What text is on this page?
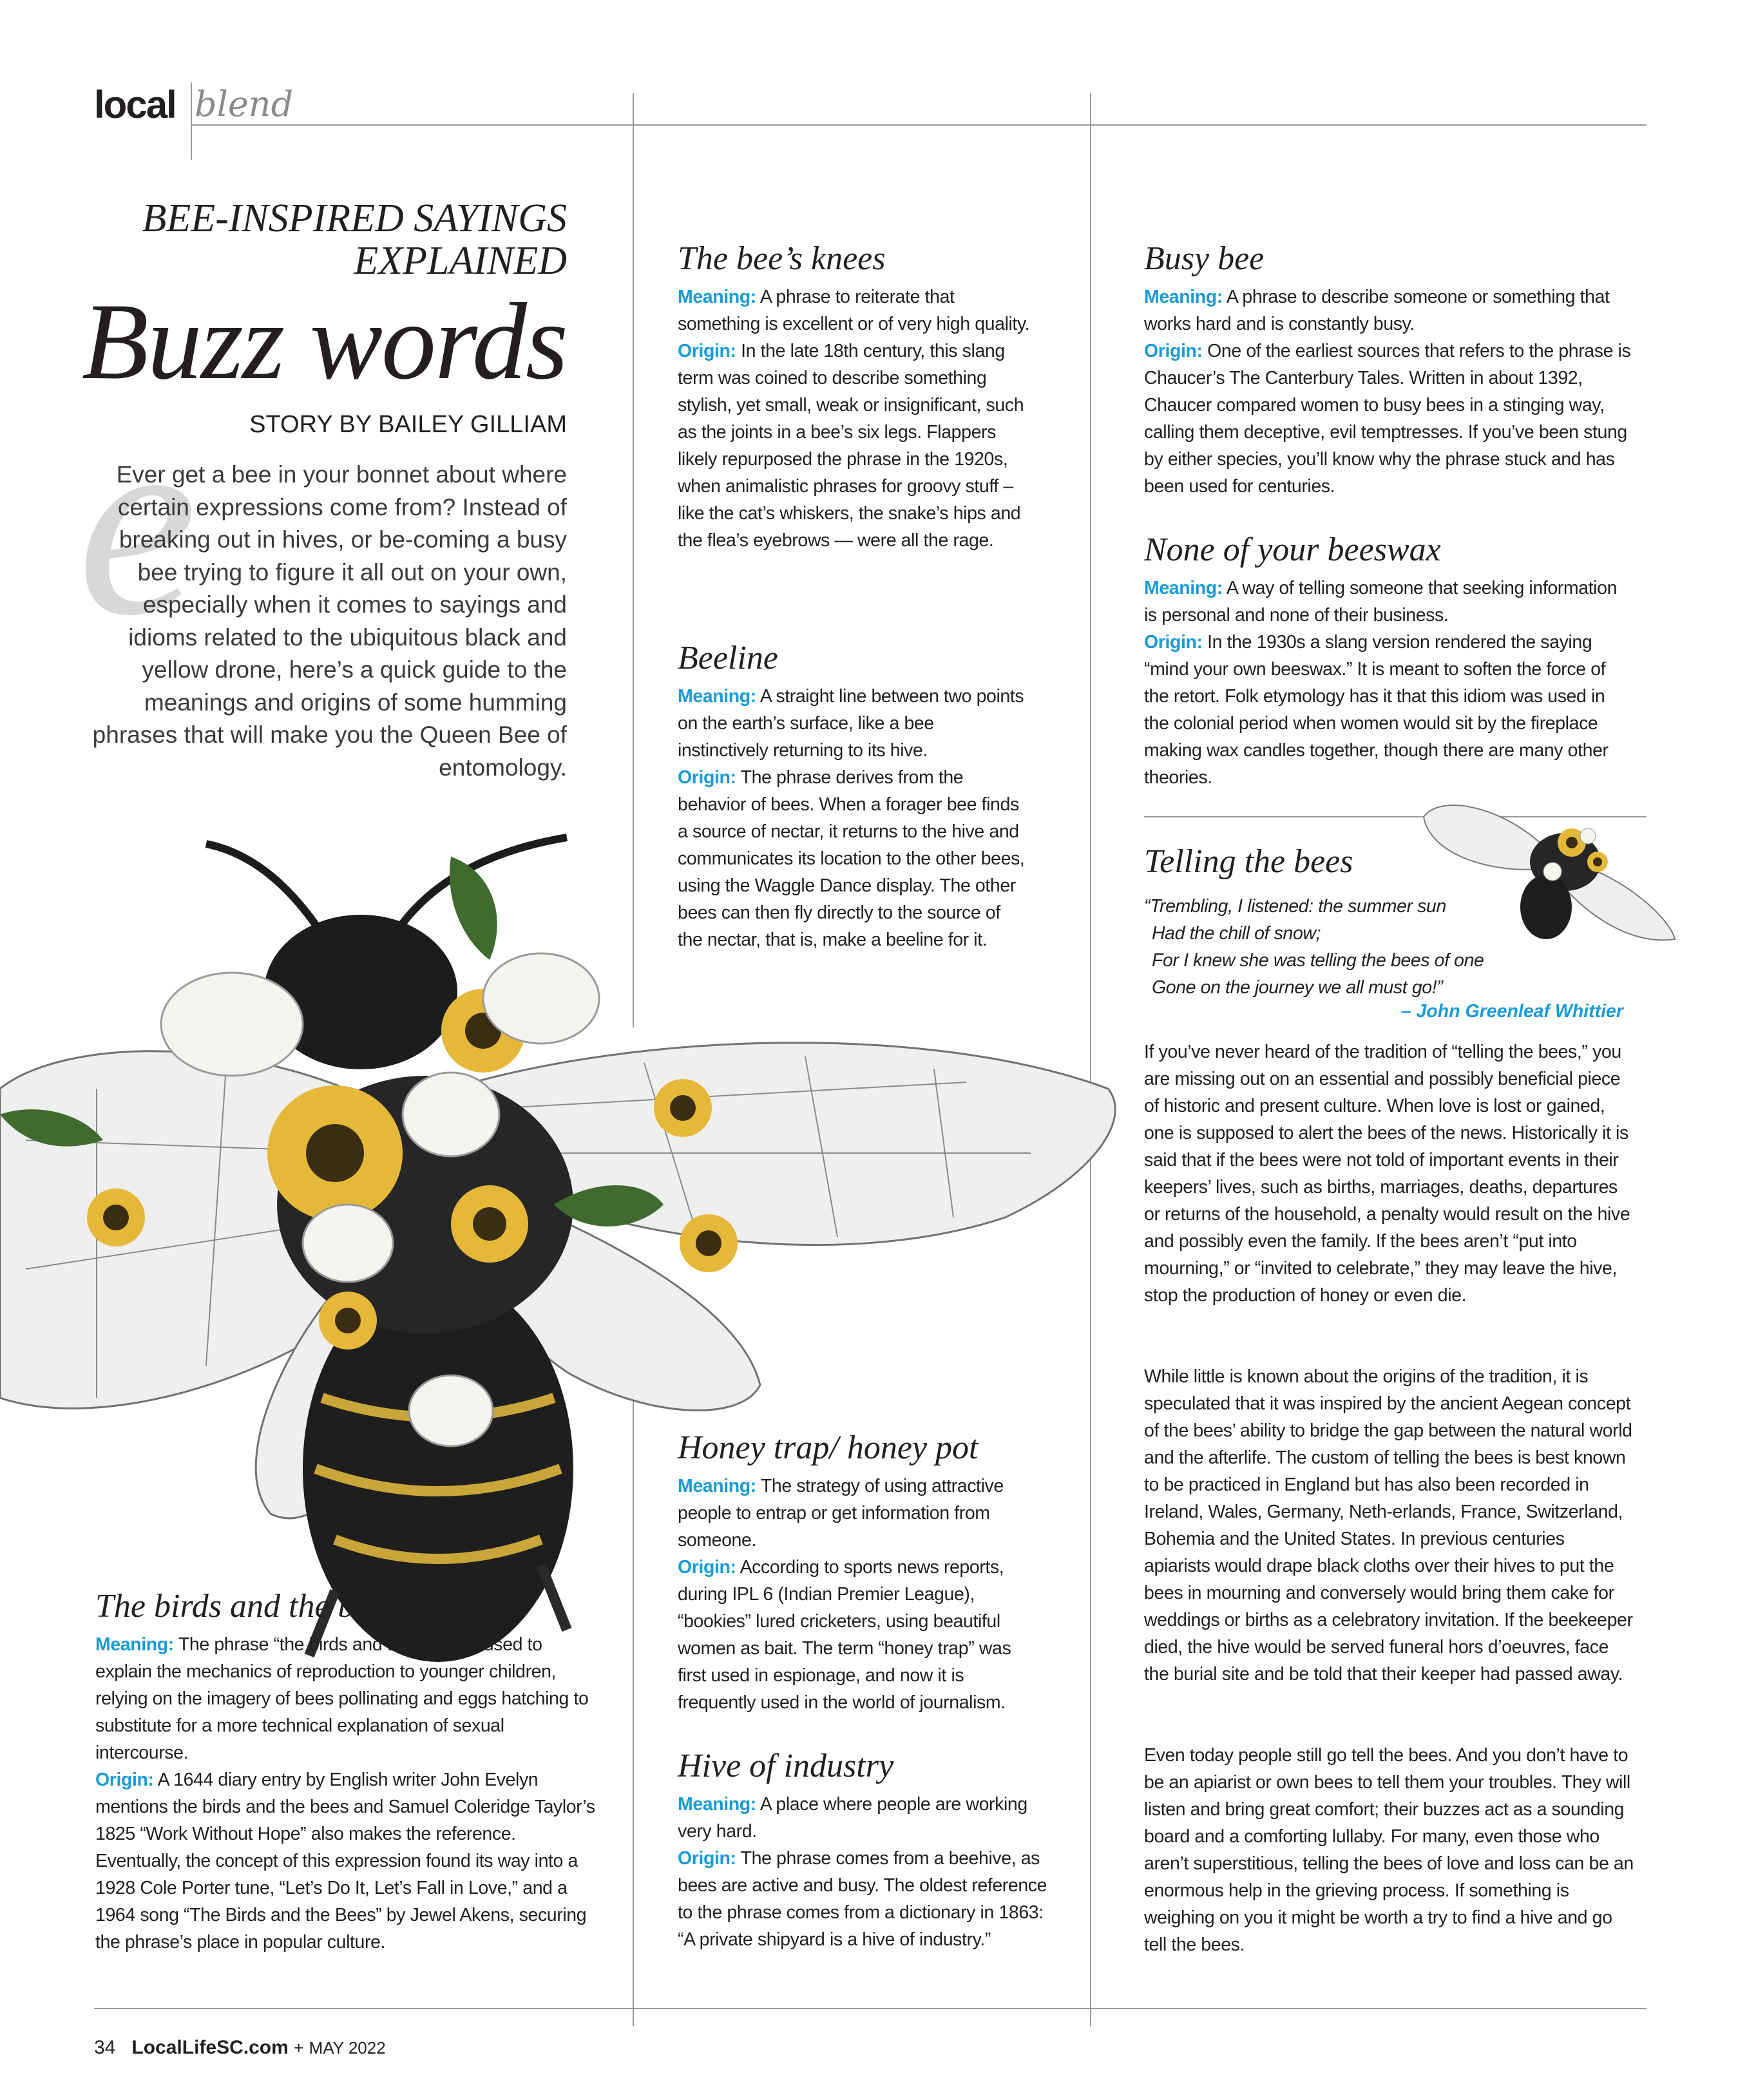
local blend
e
BEE-INSPIRED SAYINGS EXPLAINED
Buzz words
STORY BY BAILEY GILLIAM
Ever get a bee in your bonnet about where certain expressions come from? Instead of breaking out in hives, or be-coming a busy bee trying to figure it all out on your own, especially when it comes to sayings and idioms related to the ubiquitous black and yellow drone, here’s a quick guide to the meanings and origins of some humming phrases that will make you the Queen Bee of entomology.
The birds and the bees
Meaning: The phrase “the birds and the bees” is used to explain the mechanics of reproduction to younger children, relying on the imagery of bees pollinating and eggs hatching to substitute for a more technical explanation of sexual intercourse.
Origin: A 1644 diary entry by English writer John Evelyn mentions the birds and the bees and Samuel Coleridge Taylor’s 1825 “Work Without Hope” also makes the reference. Eventually, the concept of this expression found its way into a 1928 Cole Porter tune, “Let’s Do It, Let’s Fall in Love,” and a 1964 song “The Birds and the Bees” by Jewel Akens, securing the phrase’s place in popular culture.
The bee’s knees
Meaning: A phrase to reiterate that something is excellent or of very high quality.
Origin: In the late 18th century, this slang term was coined to describe something stylish, yet small, weak or insignificant, such as the joints in a bee’s six legs. Flappers likely repurposed the phrase in the 1920s, when animalistic phrases for groovy stuff – like the cat’s whiskers, the snake’s hips and the flea’s eyebrows — were all the rage.
Beeline
Meaning: A straight line between two points on the earth’s surface, like a bee instinctively returning to its hive.
Origin: The phrase derives from the behavior of bees. When a forager bee finds a source of nectar, it returns to the hive and communicates its location to the other bees, using the Waggle Dance display. The other bees can then fly directly to the source of the nectar, that is, make a beeline for it.
Honey trap/ honey pot
Meaning: The strategy of using attractive people to entrap or get information from someone.
Origin: According to sports news reports, during IPL 6 (Indian Premier League), “bookies” lured cricketers, using beautiful women as bait. The term “honey trap” was first used in espionage, and now it is frequently used in the world of journalism.
Hive of industry
Meaning: A place where people are working very hard.
Origin: The phrase comes from a beehive, as bees are active and busy. The oldest reference to the phrase comes from a dictionary in 1863: “A private shipyard is a hive of industry.”
Busy bee
Meaning: A phrase to describe someone or something that works hard and is constantly busy.
Origin: One of the earliest sources that refers to the phrase is Chaucer’s The Canterbury Tales. Written in about 1392, Chaucer compared women to busy bees in a stinging way, calling them deceptive, evil temptresses. If you’ve been stung by either species, you’ll know why the phrase stuck and has been used for centuries.
None of your beeswax
Meaning: A way of telling someone that seeking information is personal and none of their business.
Origin: In the 1930s a slang version rendered the saying “mind your own beeswax.” It is meant to soften the force of the retort. Folk etymology has it that this idiom was used in the colonial period when women would sit by the fireplace making wax candles together, though there are many other theories.
Telling the bees
“Trembling, I listened: the summer sun
Had the chill of snow;
For I knew she was telling the bees of one
Gone on the journey we all must go!”
– John Greenleaf Whittier
If you’ve never heard of the tradition of “telling the bees,” you are missing out on an essential and possibly beneficial piece of historic and present culture. When love is lost or gained, one is supposed to alert the bees of the news. Historically it is said that if the bees were not told of important events in their keepers’ lives, such as births, marriages, deaths, departures or returns of the household, a penalty would result on the hive and possibly even the family. If the bees aren’t “put into mourning,” or “invited to celebrate,” they may leave the hive, stop the production of honey or even die.
While little is known about the origins of the tradition, it is speculated that it was inspired by the ancient Aegean concept of the bees’ ability to bridge the gap between the natural world and the afterlife. The custom of telling the bees is best known to be practiced in England but has also been recorded in Ireland, Wales, Germany, Neth-erlands, France, Switzerland, Bohemia and the United States. In previous centuries apiarists would drape black cloths over their hives to put the bees in mourning and conversely would bring them cake for weddings or births as a celebratory invitation. If the beekeeper died, the hive would be served funeral hors d’oeuvres, face the burial site and be told that their keeper had passed away.
Even today people still go tell the bees. And you don’t have to be an apiarist or own bees to tell them your troubles. They will listen and bring great comfort; their buzzes act as a sounding board and a comforting lullaby. For many, even those who aren’t superstitious, telling the bees of love and loss can be an enormous help in the grieving process. If something is weighing on you it might be worth a try to find a hive and go tell the bees.
34 LocalLifeSC.com + MAY 2022
